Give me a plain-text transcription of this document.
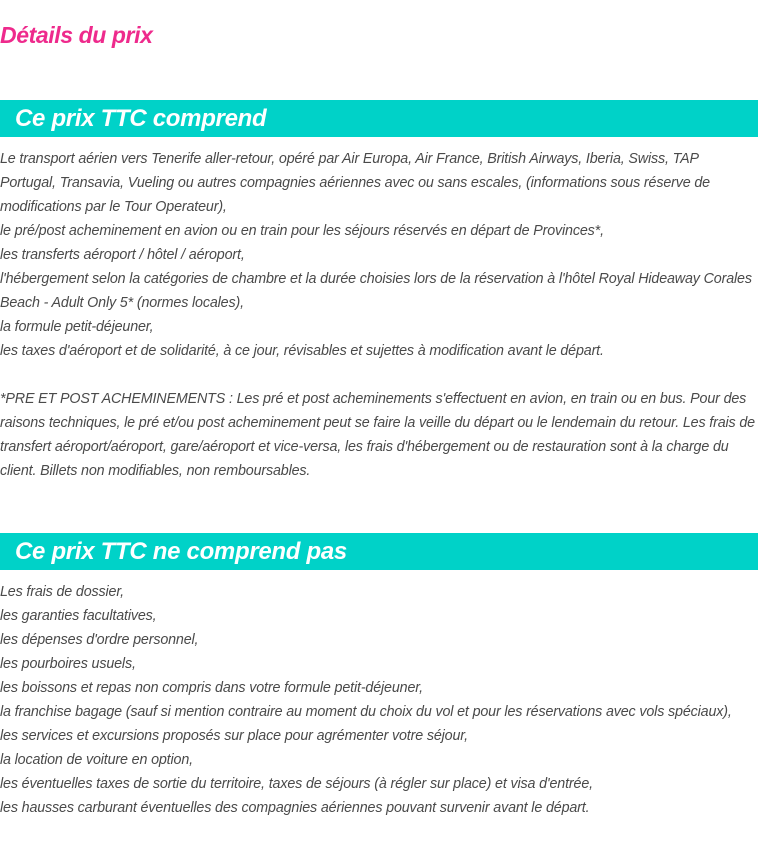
Détails du prix
Ce prix TTC comprend
Le transport aérien vers Tenerife aller-retour, opéré par Air Europa, Air France, British Airways, Iberia, Swiss, TAP Portugal, Transavia, Vueling ou autres compagnies aériennes avec ou sans escales, (informations sous réserve de modifications par le Tour Operateur),
le pré/post acheminement en avion ou en train pour les séjours réservés en départ de Provinces*,
les transferts aéroport / hôtel / aéroport,
l'hébergement selon la catégories de chambre et la durée choisies lors de la réservation à l'hôtel Royal Hideaway Corales Beach - Adult Only 5* (normes locales),
la formule petit-déjeuner,
les taxes d'aéroport et de solidarité, à ce jour, révisables et sujettes à modification avant le départ.
*PRE ET POST ACHEMINEMENTS : Les pré et post acheminements s'effectuent en avion, en train ou en bus. Pour des raisons techniques, le pré et/ou post acheminement peut se faire la veille du départ ou le lendemain du retour. Les frais de transfert aéroport/aéroport, gare/aéroport et vice-versa, les frais d'hébergement ou de restauration sont à la charge du client. Billets non modifiables, non remboursables.
Ce prix TTC ne comprend pas
Les frais de dossier,
les garanties facultatives,
les dépenses d'ordre personnel,
les pourboires usuels,
les boissons et repas non compris dans votre formule petit-déjeuner,
la franchise bagage (sauf si mention contraire au moment du choix du vol et pour les réservations avec vols spéciaux),
les services et excursions proposés sur place pour agrémenter votre séjour,
la location de voiture en option,
les éventuelles taxes de sortie du territoire, taxes de séjours (à régler sur place) et visa d'entrée,
les hausses carburant éventuelles des compagnies aériennes pouvant survenir avant le départ.
